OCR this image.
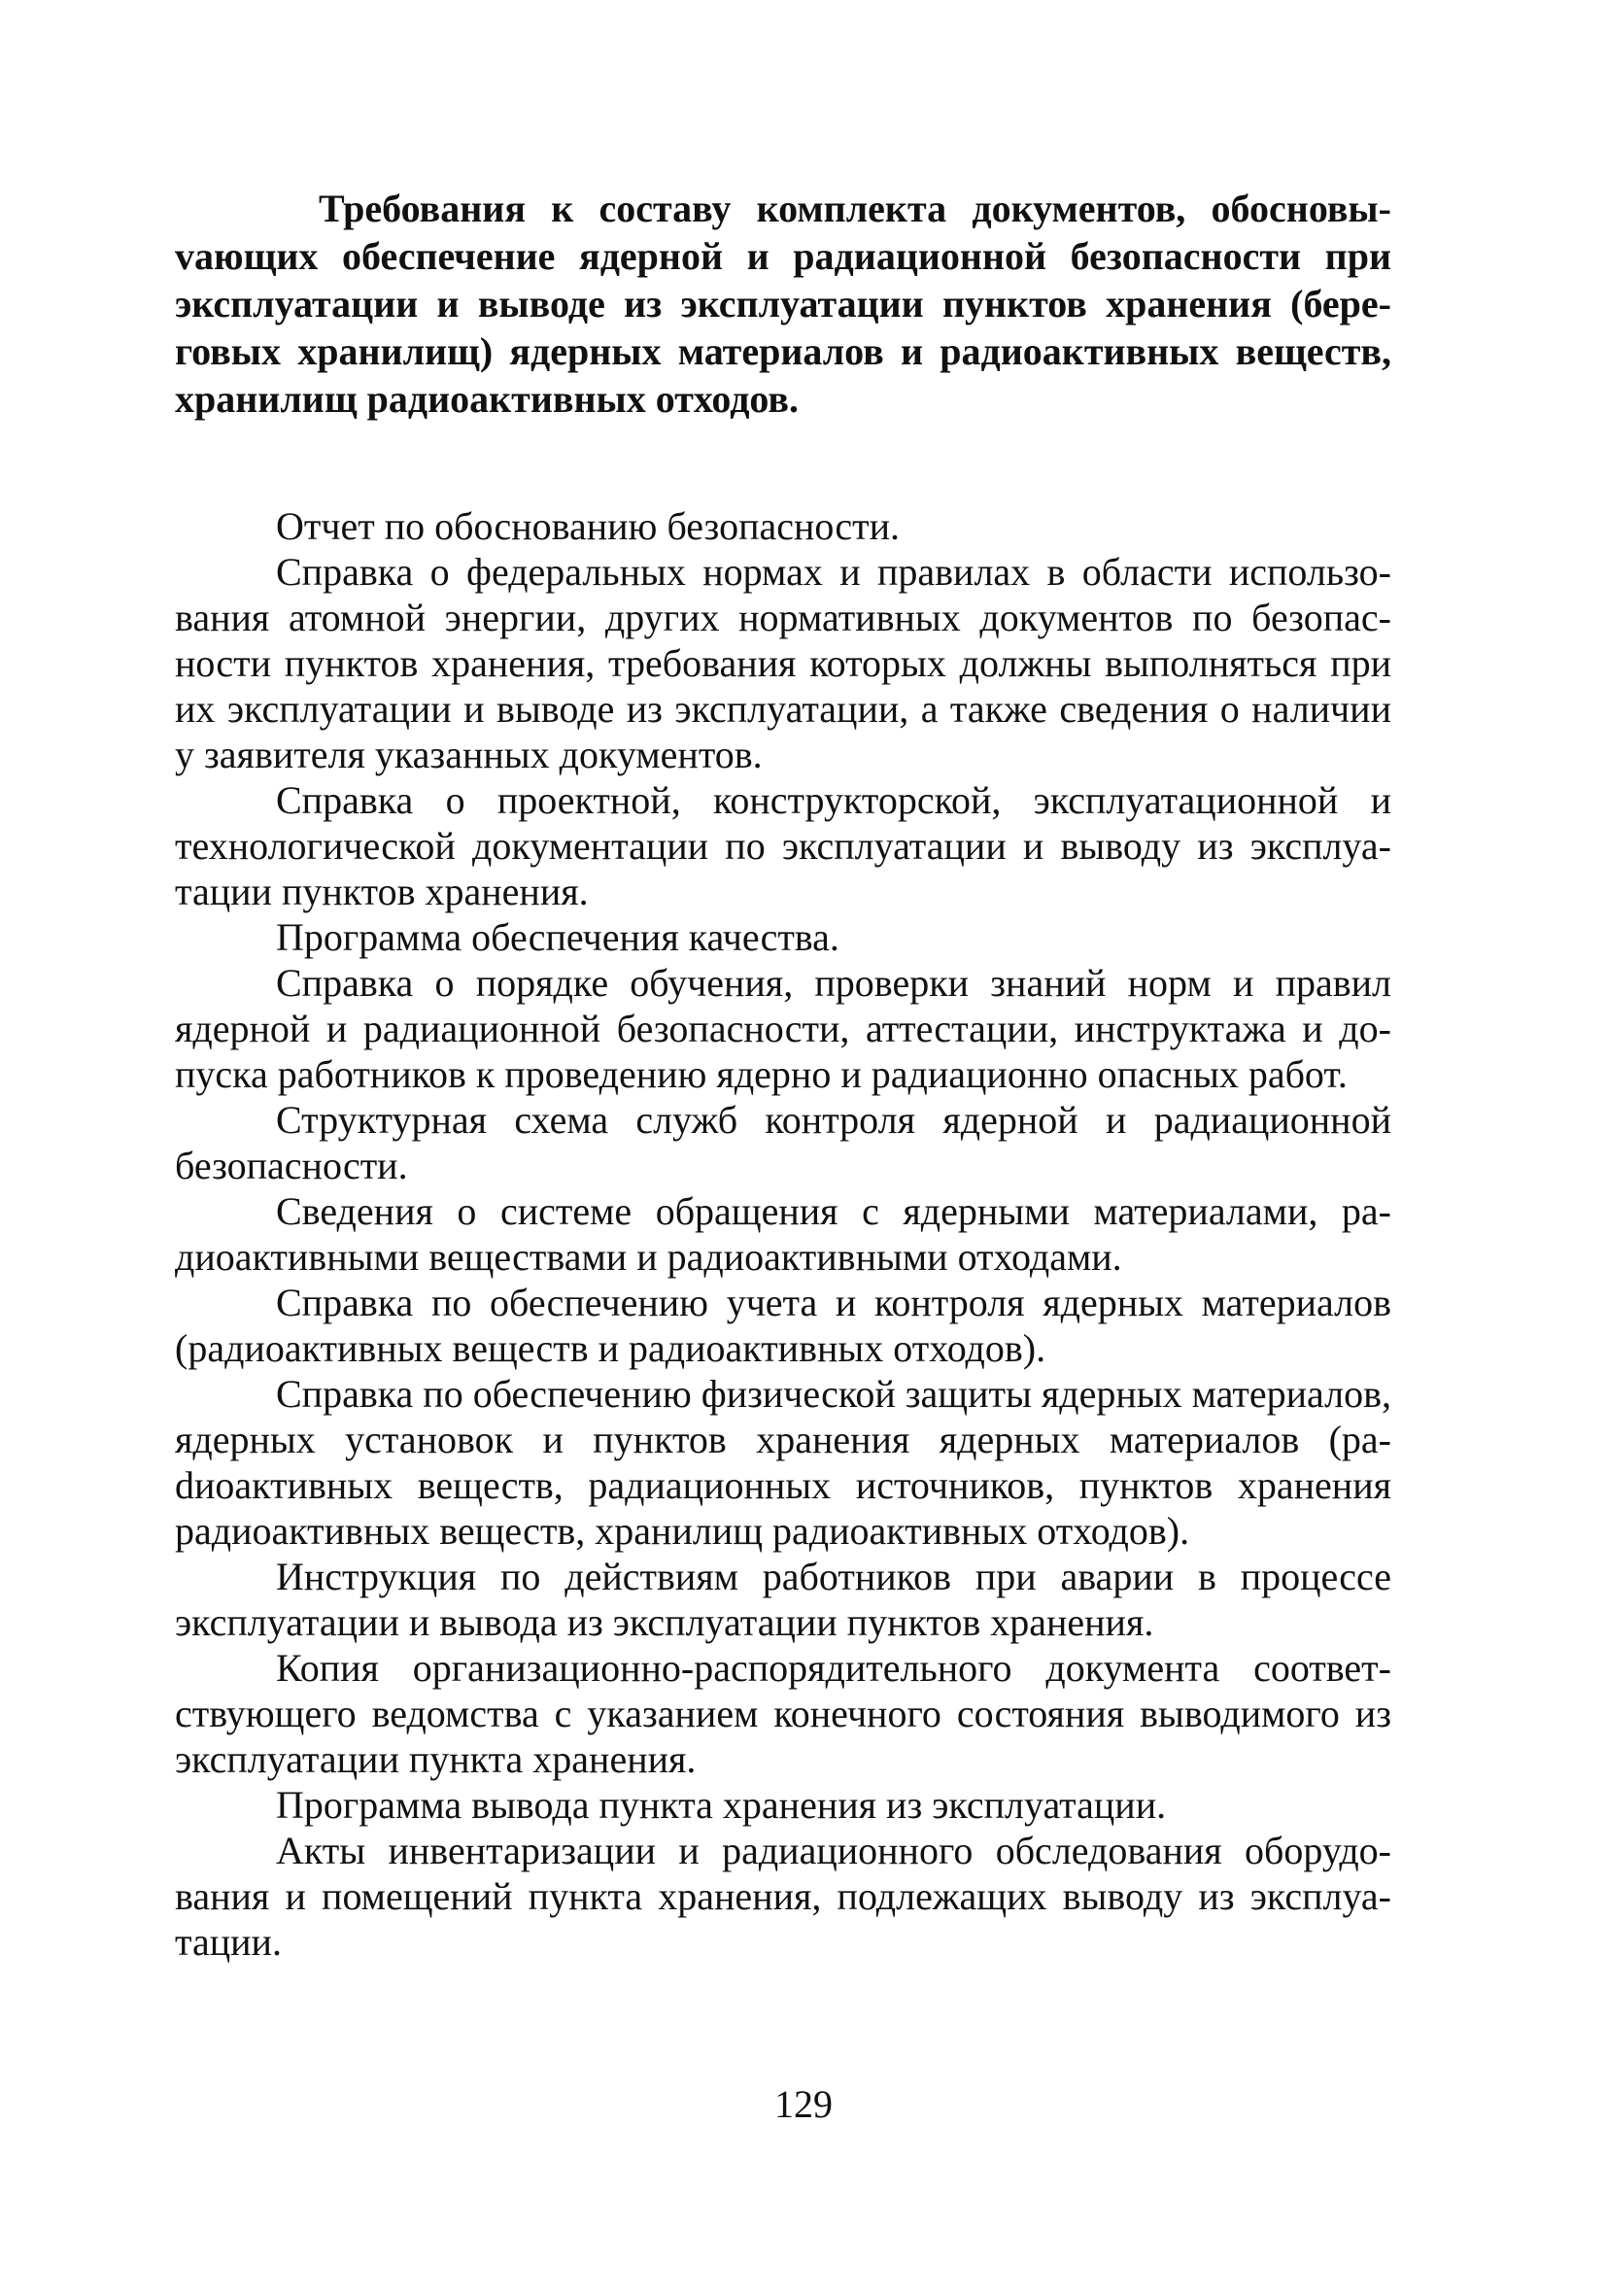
Требования к составу комплекта документов, обосновыvающих обеспечение ядерной и радиационной безопасности при эксплуатации и выводе из эксплуатации пунктов хранения (береговых хранилищ) ядерных материалов и радиоактивных веществ, хранилищ радиоактивных отходов.

Отчет по обоснованию безопасности.

Справка о федеральных нормах и правилах в области использования атомной энергии, других нормативных документов по безопасности пунктов хранения, требования которых должны выполняться при их эксплуатации и выводе из эксплуатации, а также сведения о наличии у заявителя указанных документов.

Справка о проектной, конструкторской, эксплуатационной и технологической документации по эксплуатации и выводу из эксплуатации пунктов хранения.

Программа обеспечения качества.

Справка о порядке обучения, проверки знаний норм и правил ядерной и радиационной безопасности, аттестации, инструктажа и допуска работников к проведению ядерно и радиационно опасных работ.

Структурная схема служб контроля ядерной и радиационной безопасности.

Сведения о системе обращения с ядерными материалами, радиоактивными веществами и радиоактивными отходами.

Справка по обеспечению учета и контроля ядерных материалов (радиоактивных веществ и радиоактивных отходов).

Справка по обеспечению физической защиты ядерных материалов, ядерных установок и пунктов хранения ядерных материалов (раdиоактивных веществ, радиационных источников, пунктов хранения радиоактивных веществ, хранилищ радиоактивных отходов).

Инструкция по действиям работников при аварии в процессе эксплуатации и вывода из эксплуатации пунктов хранения.

Копия организационно-распорядительного документа соответствующего ведомства с указанием конечного состояния выводимого из эксплуатации пункта хранения.

Программа вывода пункта хранения из эксплуатации.

Акты инвентаризации и радиационного обследования оборудования и помещений пункта хранения, подлежащих выводу из эксплуатации.

129
